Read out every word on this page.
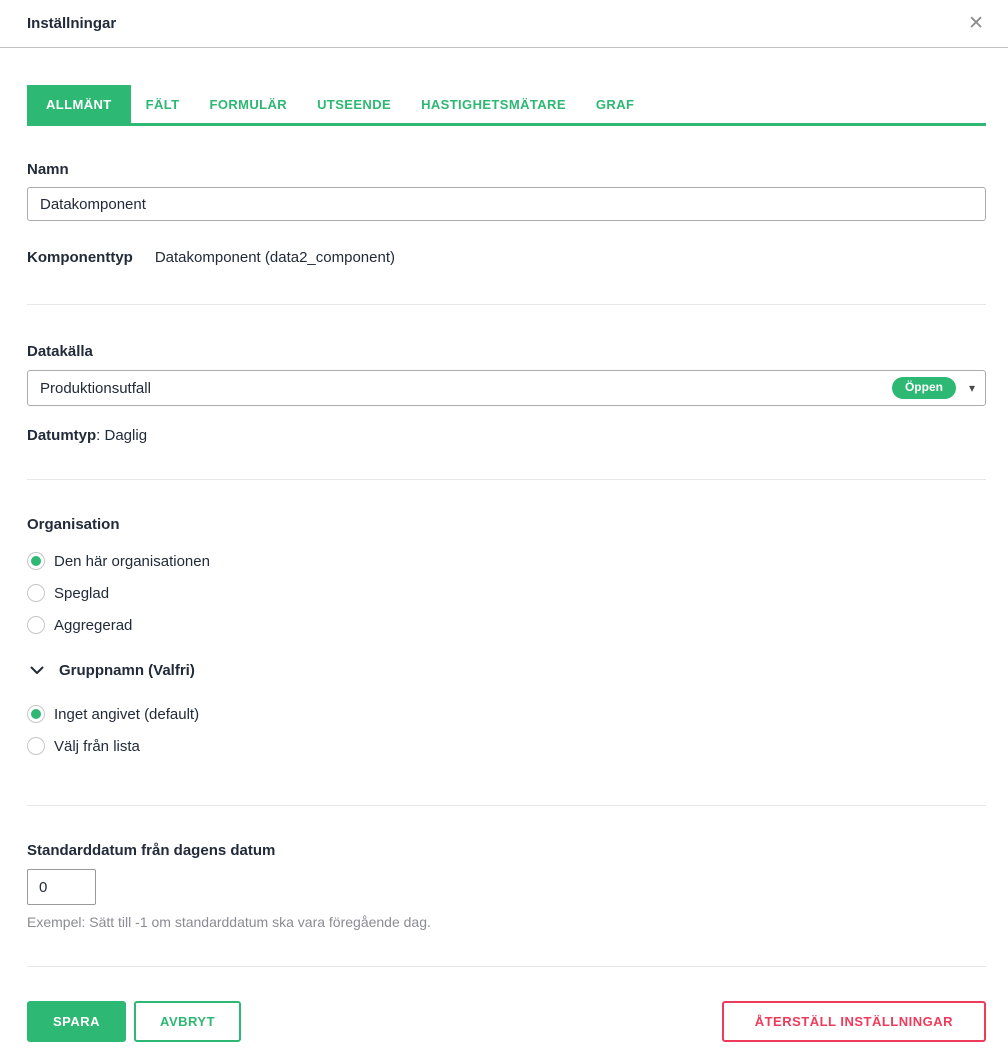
Inställningar	✕
ALLMÄNT	FÄLT	FORMULÄR	UTSEENDE	HASTIGHETSMÄTARE	GRAF
Namn
Datakomponent
Komponenttyp Datakomponent (data2_component)
Datakälla
Produktionsutfall	Öppen	▾
Datumtyp: Daglig
Organisation
Den här organisationen
Speglad
Aggregerad
Gruppnamn (Valfri)
Inget angivet (default)
Välj från lista
Standarddatum från dagens datum
0
Exempel: Sätt till -1 om standarddatum ska vara föregående dag.
SPARA	AVBRYT	ÅTERSTÄLL INSTÄLLNINGAR
